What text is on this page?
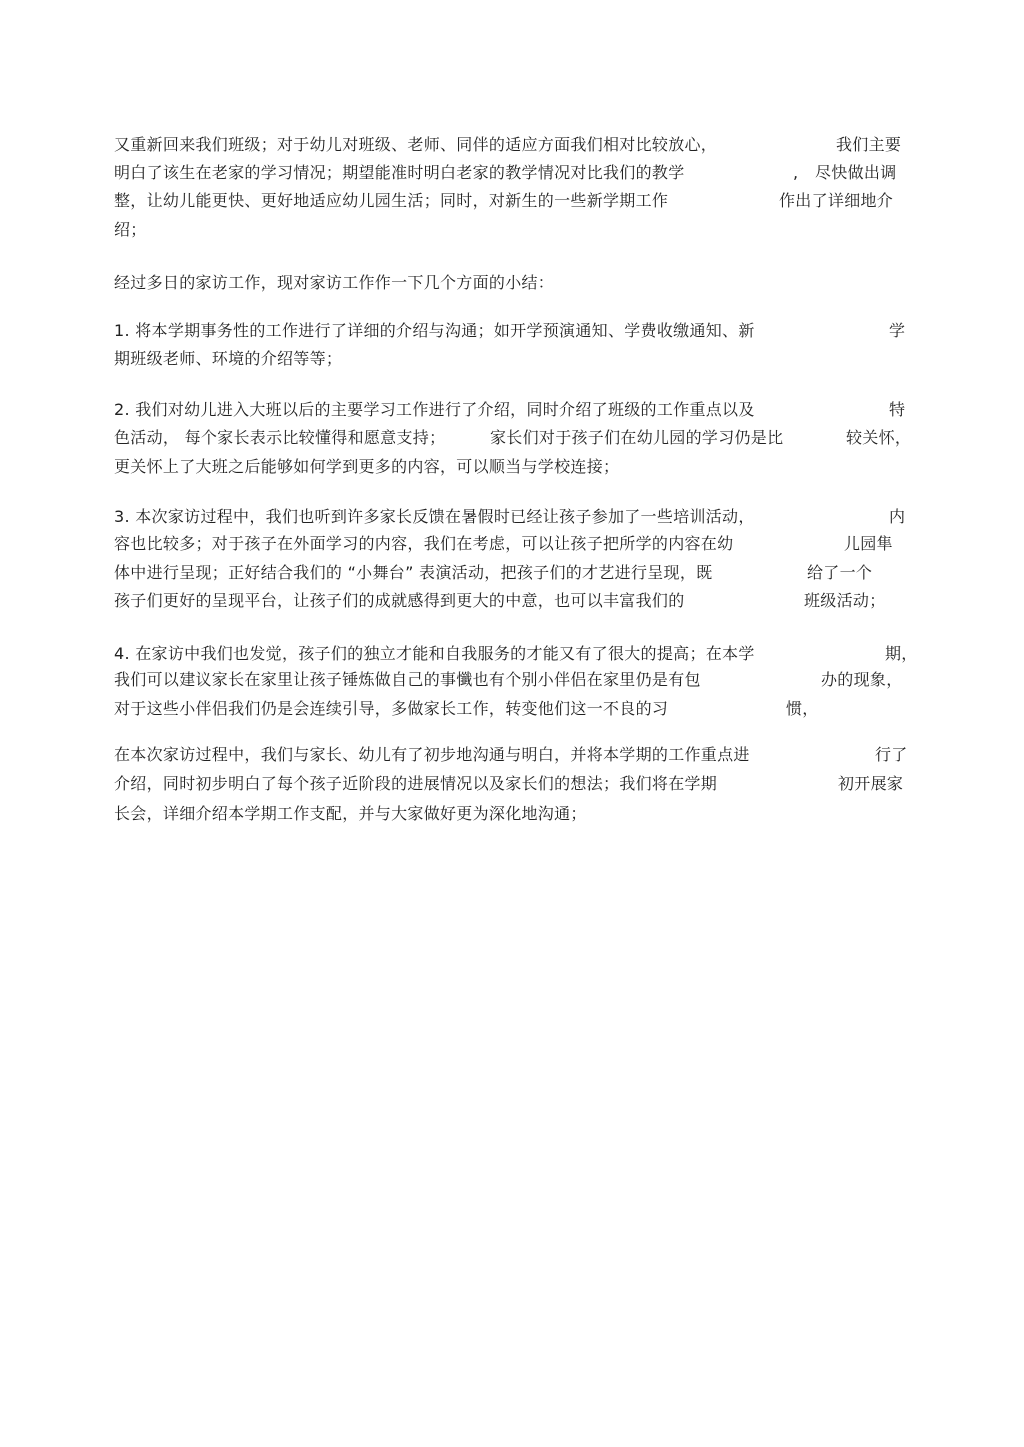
又重新回来我们班级；对于幼儿对班级、老师、同伴的适应方面我们相对比较放心，	我们主要
明白了该生在老家的学习情况；期望能准时明白老家的教学情况对比我们的教学	, 尽快做出调
整，让幼儿能更快、更好地适应幼儿园生活；同时，对新生的一些新学期工作	作出了详细地介
绍；
经过多日的家访工作，现对家访工作作一下几个方面的小结：
1. 将本学期事务性的工作进行了详细的介绍与沟通；如开学预演通知、学费收缴通知、新	学
期班级老师、环境的介绍等等；
2. 我们对幼儿进入大班以后的主要学习工作进行了介绍，同时介绍了班级的工作重点以及	特
色活动， 每个家长表示比较懂得和愿意支持；	家长们对于孩子们在幼儿园的学习仍是比	较关怀，
更关怀上了大班之后能够如何学到更多的内容，可以顺当与学校连接；
3. 本次家访过程中，我们也听到许多家长反馈在暑假时已经让孩子参加了一些培训活动，	内
容也比较多；对于孩子在外面学习的内容，我们在考虑，可以让孩子把所学的内容在幼	儿园隼
体中进行呈现；正好结合我们的 “小舞台” 表演活动，把孩子们的才艺进行呈现，既	给了一个
孩子们更好的呈现平台，让孩子们的成就感得到更大的中意，也可以丰富我们的	班级活动；
4. 在家访中我们也发觉，孩子们的独立才能和自我服务的才能又有了很大的提高；在本学	期，
我们可以建议家长在家里让孩子锤炼做自己的事懺也有个别小伴侣在家里仍是有包	办的现象，
对于这些小伴侣我们仍是会连续引导，多做家长工作，转变他们这一不良的习	惯，
在本次家访过程中，我们与家长、幼儿有了初步地沟通与明白，并将本学期的工作重点进	行了
介绍，同时初步明白了每个孩子近阶段的进展情况以及家长们的想法；我们将在学期	初开展家
长会，详细介绍本学期工作支配，并与大家做好更为深化地沟通；
